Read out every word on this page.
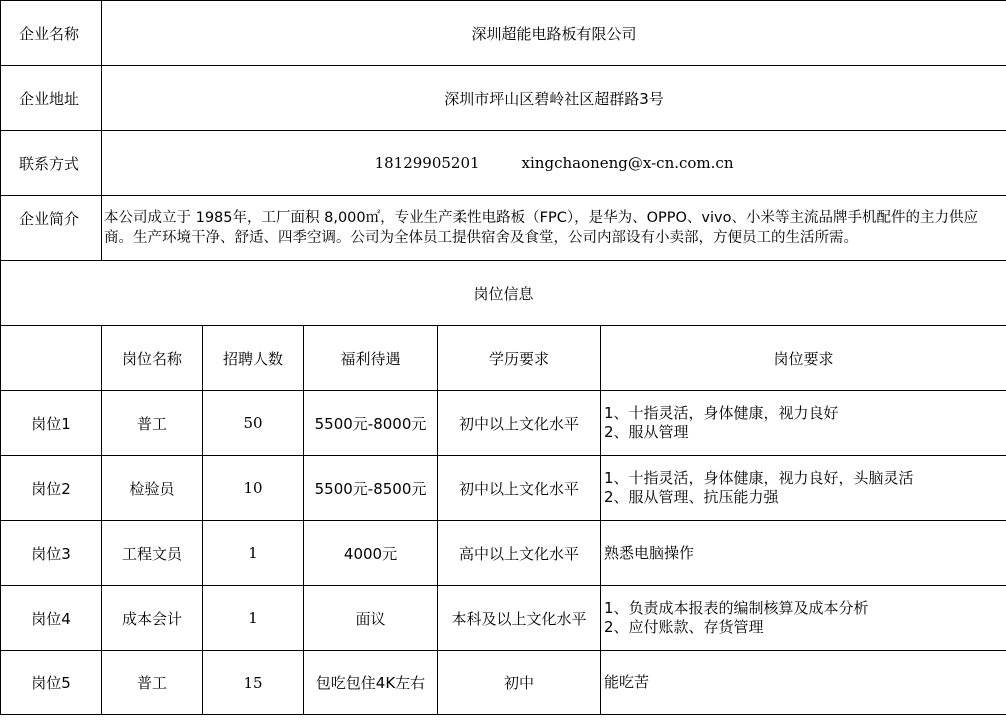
企业名称	深圳超能电路板有限公司				
企业地址	深圳市坪山区碧岭社区超群路3号				
联系方式	18129905201 xingchaoneng@x-cn.com.cn				
企业简介	本公司成立于 1985年，工厂面积 8,000㎡，专业生产柔性电路板（FPC），是华为、OPPO、vivo、小米等主流品牌手机配件的主力供应商。生产环境干净、舒适、四季空调。公司为全体员工提供宿舍及食堂，公司内部设有小卖部，方便员工的生活所需。				
岗位信息					
	岗位名称	招聘人数	福利待遇	学历要求	岗位要求
岗位1	普工	50	5500元-8000元	初中以上文化水平	1、十指灵活，身体健康，视力良好
2、服从管理

岗位2	检验员	10	5500元-8500元	初中以上文化水平	1、十指灵活，身体健康，视力良好，头脑灵活
2、服从管理、抗压能力强

岗位3	工程文员	1	4000元	高中以上文化水平	熟悉电脑操作

岗位4	成本会计	1	面议	本科及以上文化水平	1、负责成本报表的编制核算及成本分析
2、应付账款、存货管理

岗位5	普工	15	包吃包住4K左右	初中	能吃苦
